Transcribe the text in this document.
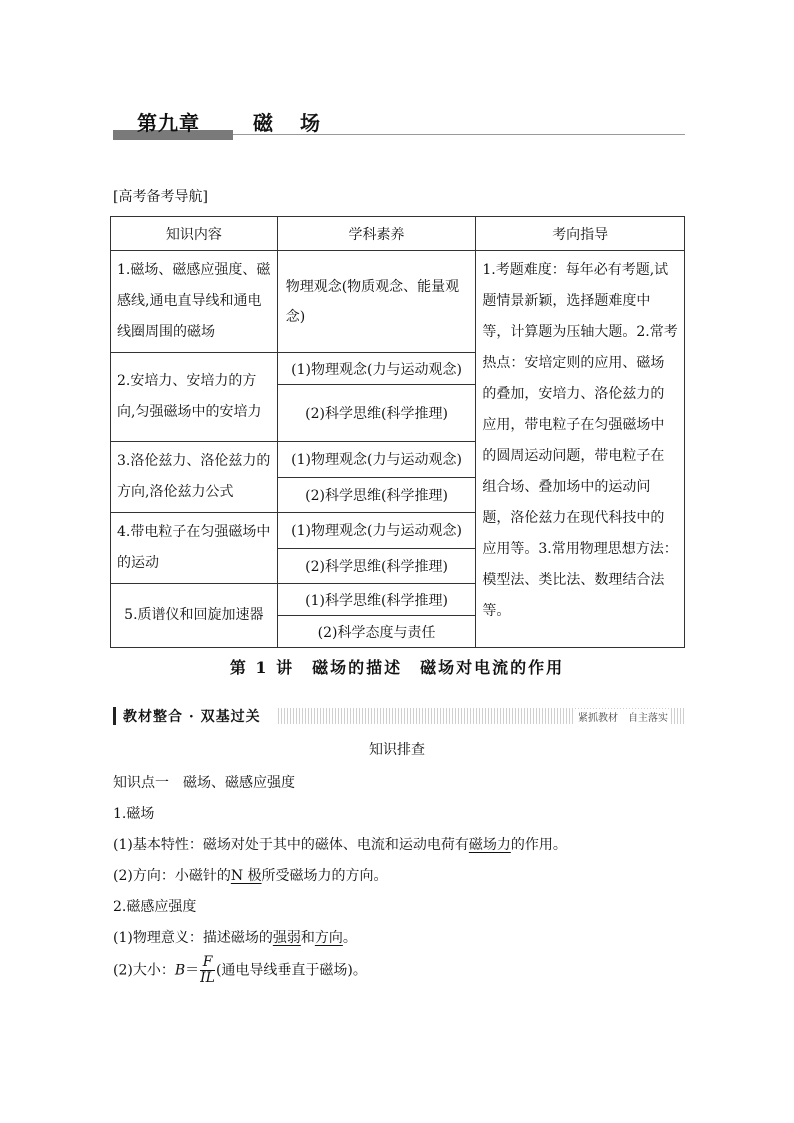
第九章	磁 场
[高考备考导航]
知识内容	学科素养	考向指导
1.磁场、磁感应强度、磁感线,通电直导线和通电线圈周围的磁场	物理观念(物质观念、能量观念)	1.考题难度：每年必有考题,试题情景新颖，选择题难度中等，计算题为压轴大题。2.常考热点：安培定则的应用、磁场的叠加，安培力、洛伦兹力的应用，带电粒子在匀强磁场中的圆周运动问题，带电粒子在组合场、叠加场中的运动问题，洛伦兹力在现代科技中的应用等。3.常用物理思想方法：模型法、类比法、数理结合法等。
2.安培力、安培力的方向,匀强磁场中的安培力	(1)物理观念(力与运动观念)	
	(2)科学思维(科学推理)	
3.洛伦兹力、洛伦兹力的方向,洛伦兹力公式	(1)物理观念(力与运动观念)	
	(2)科学思维(科学推理)	
4.带电粒子在匀强磁场中的运动	(1)物理观念(力与运动观念)	
	(2)科学思维(科学推理)	
5.质谱仪和回旋加速器	(1)科学思维(科学推理)	
	(2)科学态度与责任	
第 1 讲　磁场的描述　磁场对电流的作用
教材整合 · 双基过关	紧抓教材　自主落实
知识排查
知识点一　磁场、磁感应强度
1.磁场
(1)基本特性：磁场对处于其中的磁体、电流和运动电荷有磁场力的作用。
(2)方向：小磁针的N 极所受磁场力的方向。
2.磁感应强度
(1)物理意义：描述磁场的强弱和方向。
(2)大小：$B= \frac{F}{IL}$ (通电导线垂直于磁场)。
